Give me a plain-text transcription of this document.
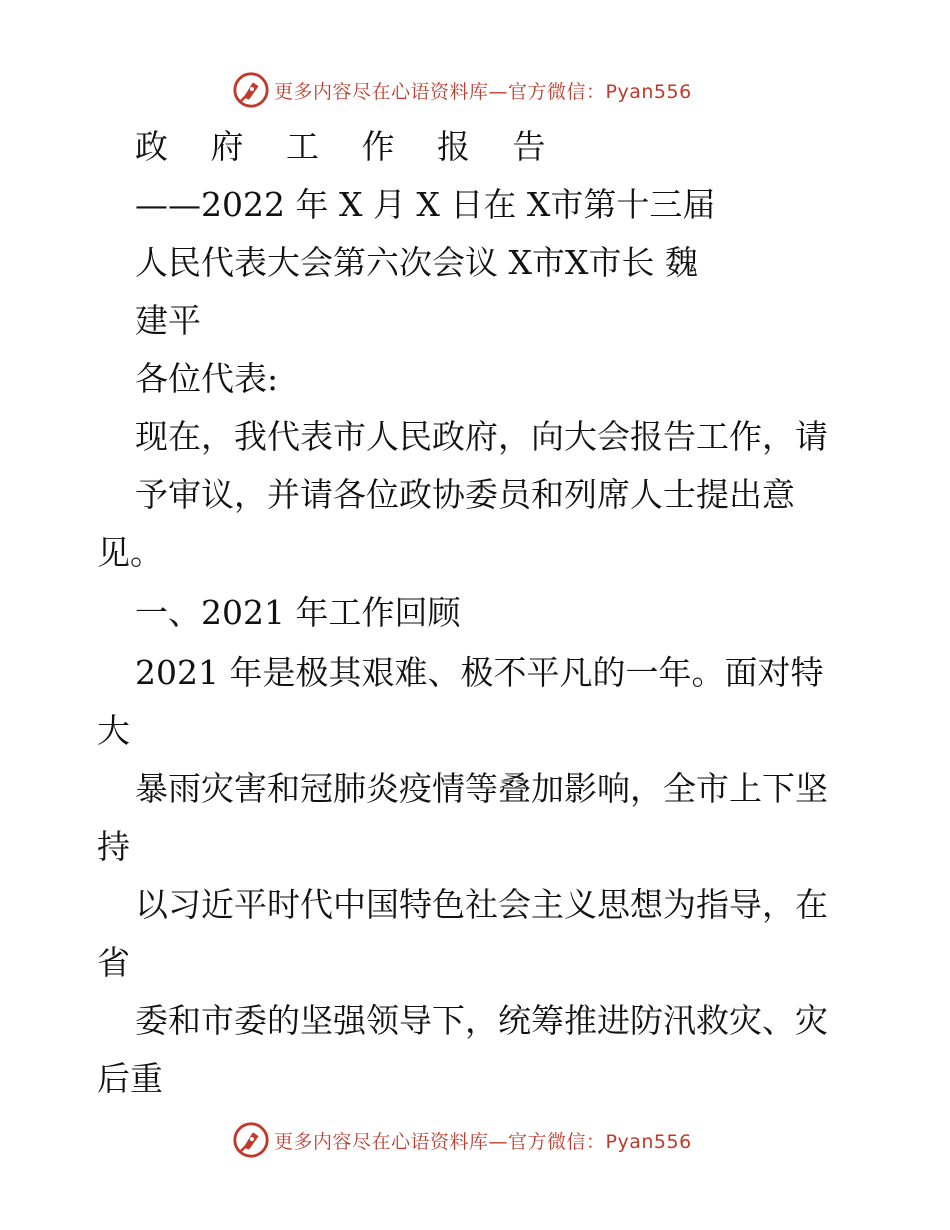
更多内容尽在心语资料库—官方微信：Pyan556
政 府 工 作 报 告
——2022 年 X 月 X 日在 X市第十三届
人民代表大会第六次会议 X市X市长 魏
建平
各位代表:
现在，我代表市人民政府，向大会报告工作，请
予审议，并请各位政协委员和列席人士提出意
见。
一、2021 年工作回顾
2021 年是极其艰难、极不平凡的一年。面对特
大
暴雨灾害和冠肺炎疫情等叠加影响，全市上下坚
持
以习近平时代中国特色社会主义思想为指导，在
省
委和市委的坚强领导下，统筹推进防汛救灾、灾
后重
更多内容尽在心语资料库—官方微信：Pyan556
